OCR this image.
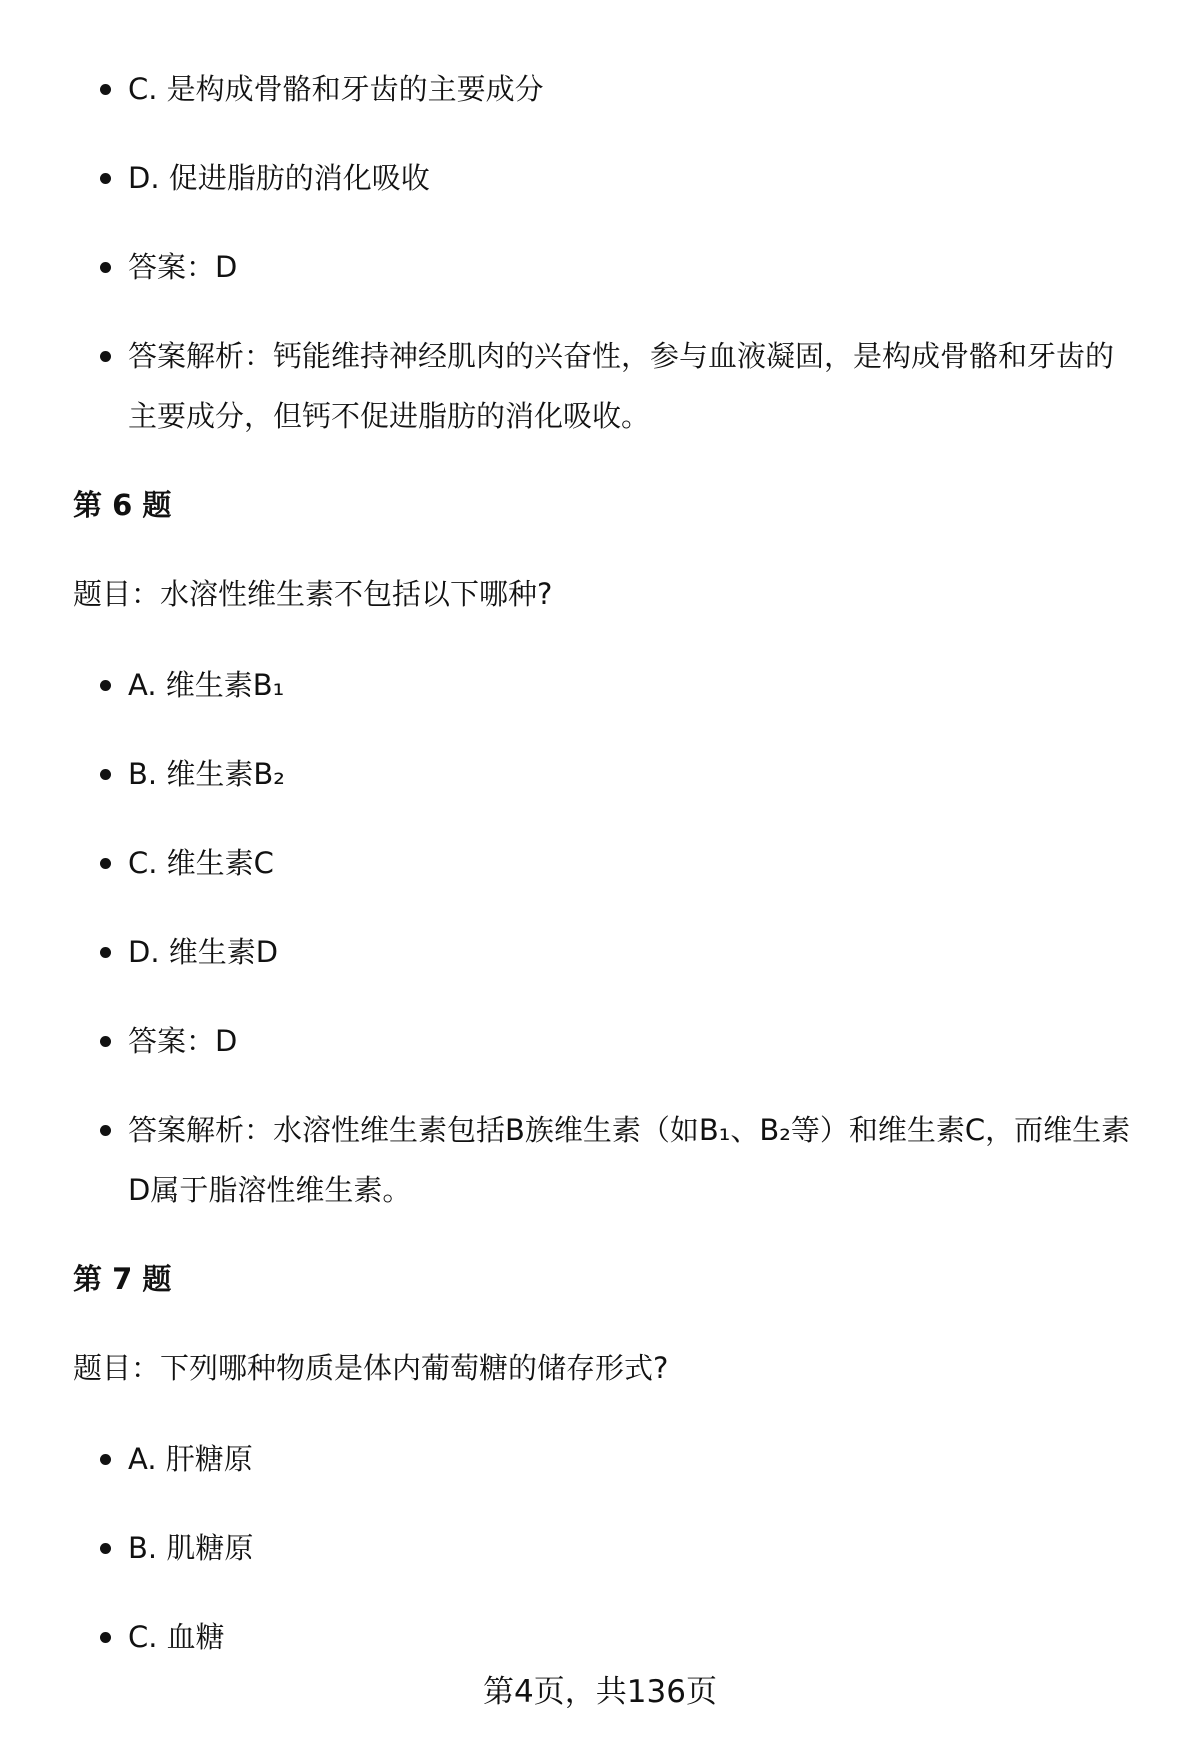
C. 是构成骨骼和牙齿的主要成分
D. 促进脂肪的消化吸收
答案：D
答案解析：钙能维持神经肌肉的兴奋性，参与血液凝固，是构成骨骼和牙齿的主要成分，但钙不促进脂肪的消化吸收。
第 6 题
题目：水溶性维生素不包括以下哪种?
A. 维生素B₁
B. 维生素B₂
C. 维生素C
D. 维生素D
答案：D
答案解析：水溶性维生素包括B族维生素（如B₁、B₂等）和维生素C，而维生素D属于脂溶性维生素。
第 7 题
题目：下列哪种物质是体内葡萄糖的储存形式?
A. 肝糖原
B. 肌糖原
C. 血糖
第4页，共136页
